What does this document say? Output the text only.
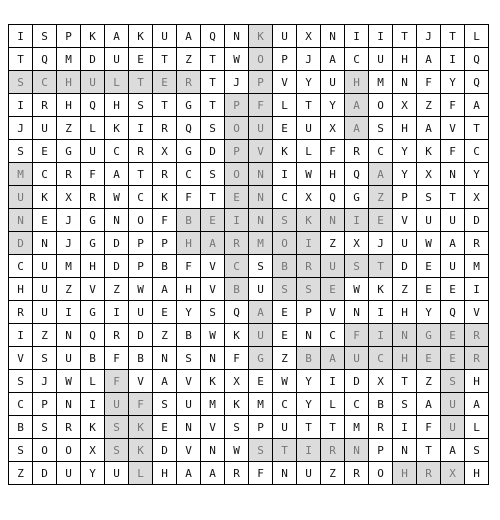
I	S	P	K	A	K	U	A	Q	N	K	U	X	N	I	I	T	J	T	L
T	Q	M	D	U	E	T	Z	T	W	O	P	J	A	C	U	H	A	I	Q
S	C	H	U	L	T	E	R	T	J	P	V	Y	U	H	M	N	F	Y	Q
I	R	H	Q	H	S	T	G	T	P	F	L	T	Y	A	O	X	Z	F	A
J	U	Z	L	K	I	R	Q	S	O	U	E	U	X	A	S	H	A	V	T
S	E	G	U	C	R	X	G	D	P	V	K	L	F	R	C	Y	K	F	C
M	C	R	F	A	T	R	C	S	O	N	I	W	H	Q	A	Y	X	N	Y
U	K	X	R	W	C	K	F	T	E	N	C	X	Q	G	Z	P	S	T	X
N	E	J	G	N	O	F	B	E	I	N	S	K	N	I	E	V	U	U	D
D	N	J	G	D	P	P	H	A	R	M	O	I	Z	X	J	U	W	A	R
C	U	M	H	D	P	B	F	V	C	S	B	R	U	S	T	D	E	U	M
H	U	Z	V	Z	W	A	H	V	B	U	S	S	E	W	K	Z	E	E	I
R	U	I	G	I	U	E	Y	S	Q	A	E	P	V	N	I	H	Y	Q	V
I	Z	N	Q	R	D	Z	B	W	K	U	E	N	C	F	I	N	G	E	R
V	S	U	B	F	B	N	S	N	F	G	Z	B	A	U	C	H	E	E	R
S	J	W	L	F	V	A	V	K	X	E	W	Y	I	D	X	T	Z	S	H
C	P	N	I	U	F	S	U	M	K	M	C	Y	L	C	B	S	A	U	A
B	S	R	K	S	K	E	N	V	S	P	U	T	T	M	R	I	F	U	L
S	O	O	X	S	K	D	V	N	W	S	T	I	R	N	P	N	T	A	S
Z	D	U	Y	U	L	H	A	A	R	F	N	U	Z	R	O	H	R	X	H
